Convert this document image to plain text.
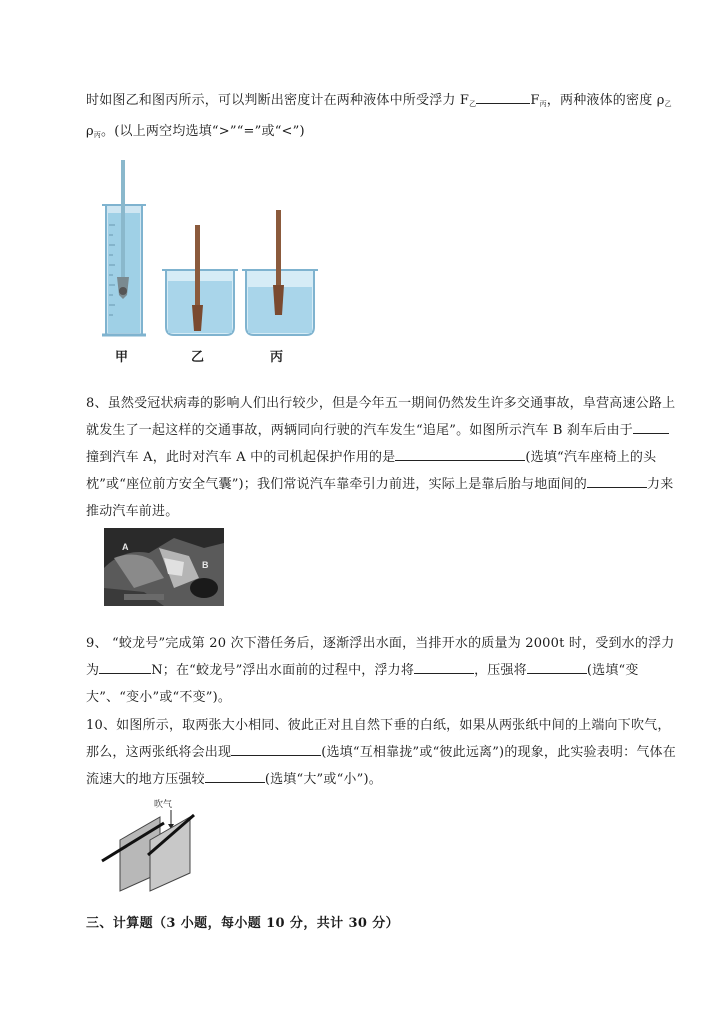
时如图乙和图丙所示，可以判断出密度计在两种液体中所受浮力 $F_乙$	$F_丙$，两种液体的密度 $\rho_乙$
$\rho_丙$。(以上两空均选填“>”“=”或“<”)
甲	乙	丙
8、虽然受冠状病毒的影响人们出行较少，但是今年五一期间仍然发生许多交通事故，阜营高速公路上就发生了一起这样的交通事故，两辆同向行驶的汽车发生“追尾”。如图所示汽车 B 刹车后由于撞到汽车 A，此时对汽车 A 中的司机起保护作用的是	(选填“汽车座椅上的头枕”或“座位前方安全气囊”)；我们常说汽车靠牵引力前进，实际上是靠后胎与地面间的	力来推动汽车前进。
A
B
9、 “蛟龙号”完成第 20 次下潜任务后，逐渐浮出水面，当排开水的质量为 2000t 时，受到水的浮力为	N；在“蛟龙号”浮出水面前的过程中，浮力将	，压强将	(选填“变大”、“变小”或“不变”)。
10、如图所示，取两张大小相同、彼此正对且自然下垂的白纸，如果从两张纸中间的上端向下吹气，那么，这两张纸将会出现	(选填“互相靠拢”或“彼此远离”)的现象，此实验表明：气体在流速大的地方压强较	(选填“大”或“小”)。
吹气
三、计算题（3 小题，每小题 10 分，共计 30 分）
